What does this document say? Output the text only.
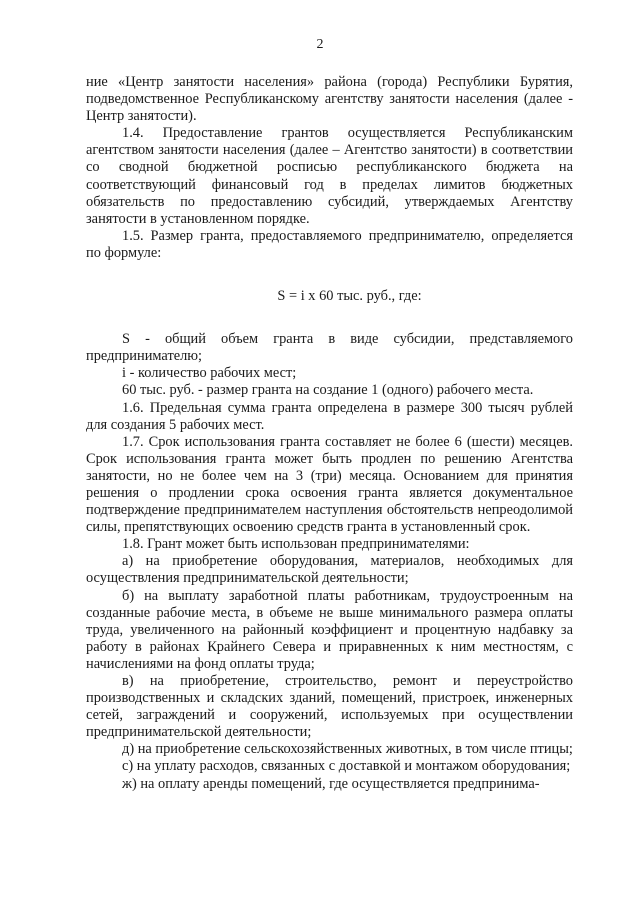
2

ние «Центр занятости населения» района (города) Республики Бурятия, подведомственное Республиканскому агентству занятости населения (далее - Центр занятости).

1.4. Предоставление грантов осуществляется Республиканским агентством занятости населения (далее – Агентство занятости) в соответствии со сводной бюджетной росписью республиканского бюджета на соответствующий финансовый год в пределах лимитов бюджетных обязательств по предоставлению субсидий, утверждаемых Агентству занятости в установленном порядке.

1.5. Размер гранта, предоставляемого предпринимателю, определяется по формуле:

S = i х 60 тыс. руб., где:

S - общий объем гранта в виде субсидии, представляемого предпринимателю;

i - количество рабочих мест;

60 тыс. руб. - размер гранта на создание 1 (одного) рабочего места.

1.6. Предельная сумма гранта определена в размере 300 тысяч рублей для создания 5 рабочих мест.

1.7. Срок использования гранта составляет не более 6 (шести) месяцев. Срок использования гранта может быть продлен по решению Агентства занятости, но не более чем на 3 (три) месяца. Основанием для принятия решения о продлении срока освоения гранта является документальное подтверждение предпринимателем наступления обстоятельств непреодолимой силы, препятствующих освоению средств гранта в установленный срок.

1.8. Грант может быть использован предпринимателями:

а) на приобретение оборудования, материалов, необходимых для осуществления предпринимательской деятельности;

б) на выплату заработной платы работникам, трудоустроенным на созданные рабочие места, в объеме не выше минимального размера оплаты труда, увеличенного на районный коэффициент и процентную надбавку за работу в районах Крайнего Севера и приравненных к ним местностям, с начислениями на фонд оплаты труда;

в) на приобретение, строительство, ремонт и переустройство производственных и складских зданий, помещений, пристроек, инженерных сетей, заграждений и сооружений, используемых при осуществлении предпринимательской деятельности;

д) на приобретение сельскохозяйственных животных, в том числе птицы;

с) на уплату расходов, связанных с доставкой и монтажом оборудования;

ж) на оплату аренды помещений, где осуществляется предпринима-
